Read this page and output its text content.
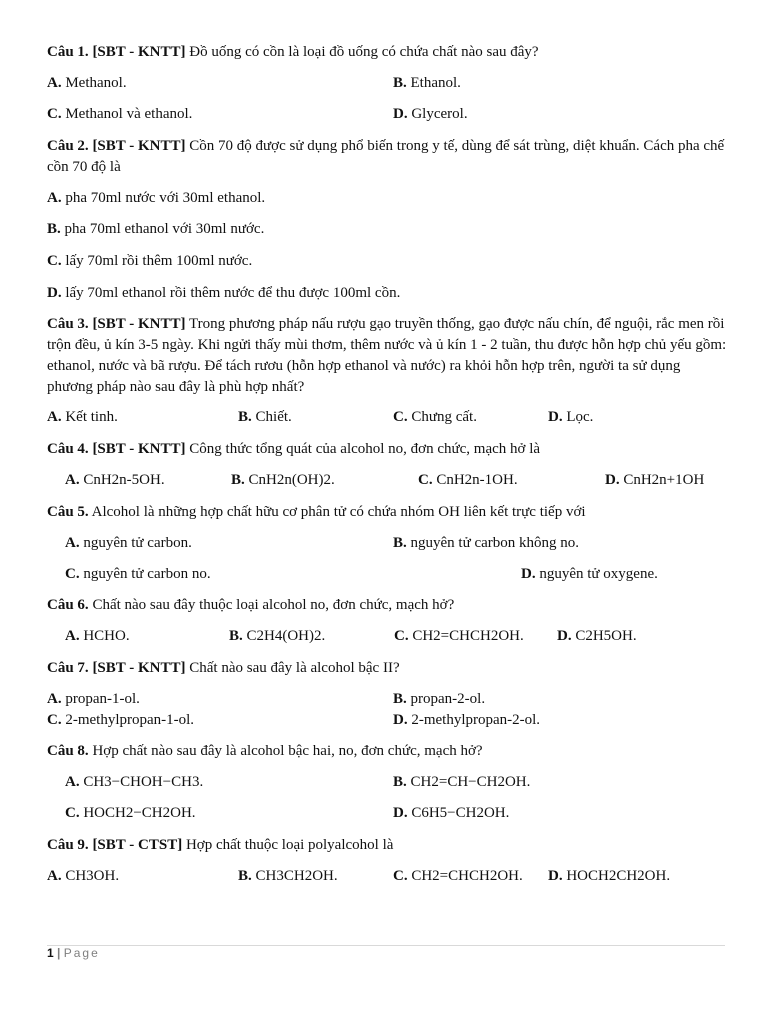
Câu 1. [SBT - KNTT] Đồ uống có cồn là loại đồ uống có chứa chất nào sau đây?
A. Methanol.	B. Ethanol.
C. Methanol và ethanol.	D. Glycerol.
Câu 2. [SBT - KNTT] Cồn 70 độ được sử dụng phổ biến trong y tế, dùng để sát trùng, diệt khuẩn. Cách pha chế cồn 70 độ là
A. pha 70ml nước với 30ml ethanol.
B. pha 70ml ethanol với 30ml nước.
C. lấy 70ml rồi thêm 100ml nước.
D. lấy 70ml ethanol rồi thêm nước để thu được 100ml cồn.
Câu 3. [SBT - KNTT] Trong phương pháp nấu rượu gạo truyền thống, gạo được nấu chín, để nguội, rắc men rồi trộn đều, ủ kín 3-5 ngày. Khi ngửi thấy mùi thơm, thêm nước và ủ kín 1 - 2 tuần, thu được hỗn hợp chủ yếu gồm: ethanol, nước và bã rượu. Để tách rươu (hỗn hợp ethanol và nước) ra khỏi hỗn hợp trên, người ta sử dụng phương pháp nào sau đây là phù hợp nhất?
A. Kết tinh.	B. Chiết.	C. Chưng cất.	D. Lọc.
Câu 4. [SBT - KNTT] Công thức tổng quát của alcohol no, đơn chức, mạch hở là
A. CnH2n-5OH.	B. CnH2n(OH)2.	C. CnH2n-1OH.	D. CnH2n+1OH
Câu 5. Alcohol là những hợp chất hữu cơ phân tử có chứa nhóm OH liên kết trực tiếp với
A. nguyên tử carbon.	B. nguyên tử carbon không no.
C. nguyên tử carbon no.	D. nguyên tử oxygene.
Câu 6. Chất nào sau đây thuộc loại alcohol no, đơn chức, mạch hở?
A. HCHO.	B. C2H4(OH)2.	C. CH2=CHCH2OH. D. C2H5OH.
Câu 7. [SBT - KNTT] Chất nào sau đây là alcohol bậc II?
A. propan-1-ol.	B. propan-2-ol.
C. 2-methylpropan-1-ol.	D. 2-methylpropan-2-ol.
Câu 8. Hợp chất nào sau đây là alcohol bậc hai, no, đơn chức, mạch hở?
A. CH3−CHOH−CH3.	B. CH2=CH−CH2OH.
C. HOCH2−CH2OH.	D. C6H5−CH2OH.
Câu 9. [SBT - CTST] Hợp chất thuộc loại polyalcohol là
A. CH3OH.	B. CH3CH2OH.	C. CH2=CHCH2OH. D. HOCH2CH2OH.
1 | Page
